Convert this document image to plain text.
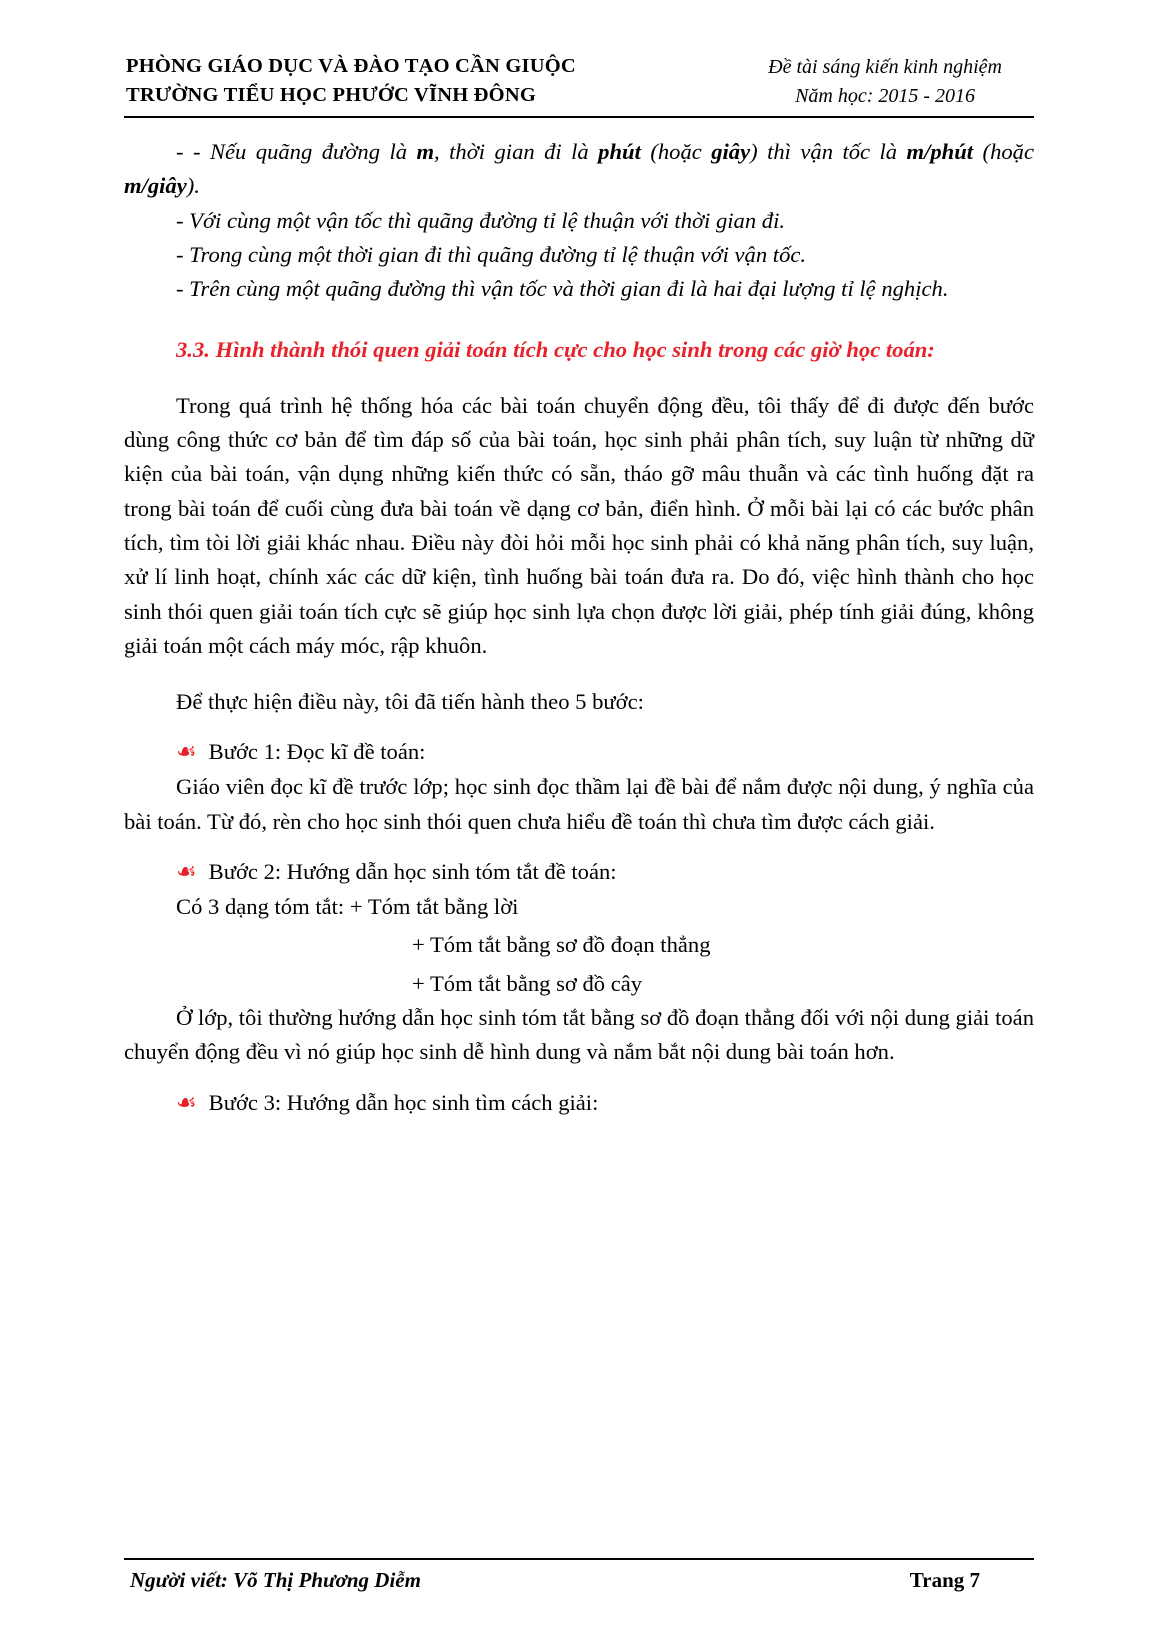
PHÒNG GIÁO DỤC VÀ ĐÀO TẠO CẦN GIUỘC
TRƯỜNG TIỂU HỌC PHƯỚC VĨNH ĐÔNG
Đề tài sáng kiến kinh nghiệm
Năm học: 2015 - 2016

- - Nếu quãng đường là m, thời gian đi là phút (hoặc giây) thì vận tốc là m/phút (hoặc m/giây).

- Với cùng một vận tốc thì quãng đường tỉ lệ thuận với thời gian đi.

- Trong cùng một thời gian đi thì quãng đường tỉ lệ thuận với vận tốc.

- Trên cùng một quãng đường thì vận tốc và thời gian đi là hai đại lượng tỉ lệ nghịch.

3.3. Hình thành thói quen giải toán tích cực cho học sinh trong các giờ học toán:

Trong quá trình hệ thống hóa các bài toán chuyển động đều, tôi thấy để đi được đến bước dùng công thức cơ bản để tìm đáp số của bài toán, học sinh phải phân tích, suy luận từ những dữ kiện của bài toán, vận dụng những kiến thức có sẵn, tháo gỡ mâu thuẫn và các tình huống đặt ra trong bài toán để cuối cùng đưa bài toán về dạng cơ bản, điển hình. Ở mỗi bài lại có các bước phân tích, tìm tòi lời giải khác nhau. Điều này đòi hỏi mỗi học sinh phải có khả năng phân tích, suy luận, xử lí linh hoạt, chính xác các dữ kiện, tình huống bài toán đưa ra. Do đó, việc hình thành cho học sinh thói quen giải toán tích cực sẽ giúp học sinh lựa chọn được lời giải, phép tính giải đúng, không giải toán một cách máy móc, rập khuôn.

Để thực hiện điều này, tôi đã tiến hành theo 5 bước:

☙ Bước 1: Đọc kĩ đề toán:

Giáo viên đọc kĩ đề trước lớp; học sinh đọc thầm lại đề bài để nắm được nội dung, ý nghĩa của bài toán. Từ đó, rèn cho học sinh thói quen chưa hiểu đề toán thì chưa tìm được cách giải.

☙ Bước 2: Hướng dẫn học sinh tóm tắt đề toán:

Có 3 dạng tóm tắt: + Tóm tắt bằng lời

+ Tóm tắt bằng sơ đồ đoạn thẳng

+ Tóm tắt bằng sơ đồ cây

Ở lớp, tôi thường hướng dẫn học sinh tóm tắt bằng sơ đồ đoạn thẳng đối với nội dung giải toán chuyển động đều vì nó giúp học sinh dễ hình dung và nắm bắt nội dung bài toán hơn.

☙ Bước 3: Hướng dẫn học sinh tìm cách giải:

Người viết: Võ Thị Phương Diễm	Trang 7
